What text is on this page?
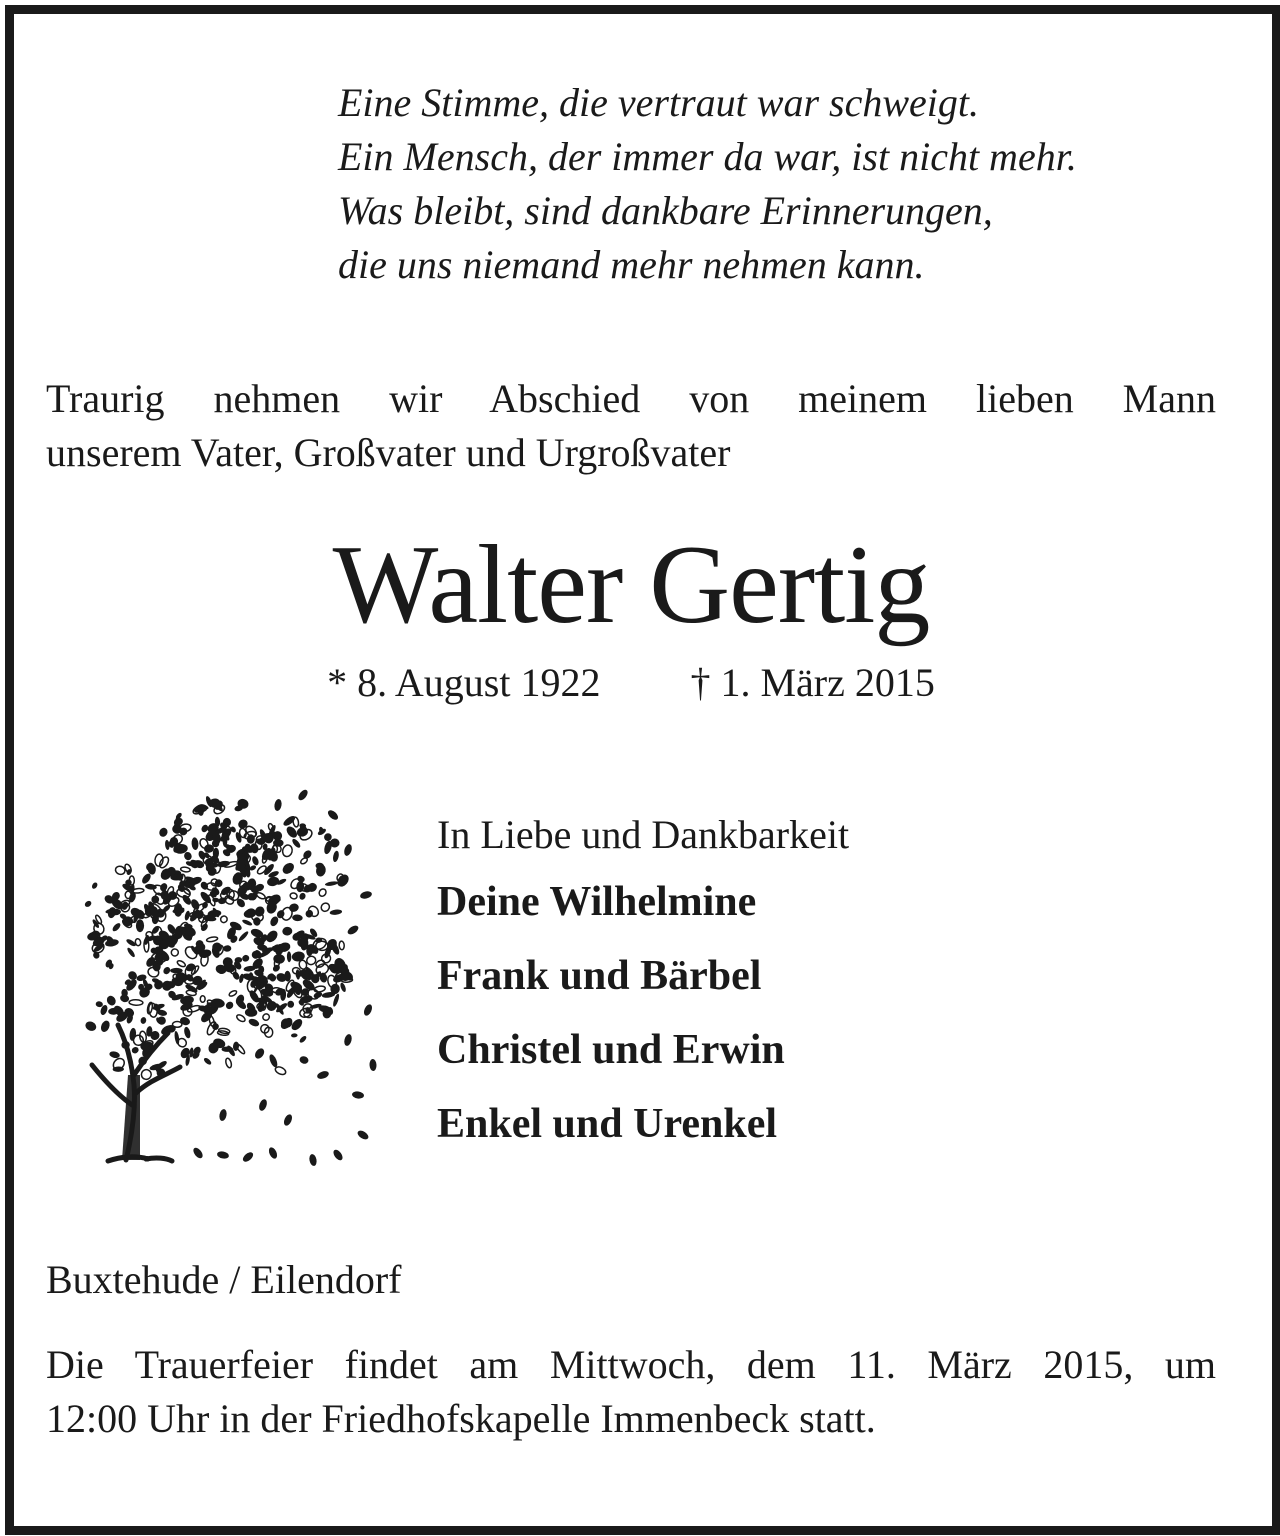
Eine Stimme, die vertraut war schweigt.
Ein Mensch, der immer da war, ist nicht mehr.
Was bleibt, sind dankbare Erinnerungen,
die uns niemand mehr nehmen kann.

Traurig nehmen wir Abschied von meinem lieben Mann
unserem Vater, Großvater und Urgroßvater

Walter Gertig
* 8. August 1922 † 1. März 2015
In Liebe und Dankbarkeit
Deine Wilhelmine
Frank und Bärbel
Christel und Erwin
Enkel und Urenkel

Buxtehude / Eilendorf

Die Trauerfeier findet am Mittwoch, dem 11. März 2015, um
12:00 Uhr in der Friedhofskapelle Immenbeck statt.
